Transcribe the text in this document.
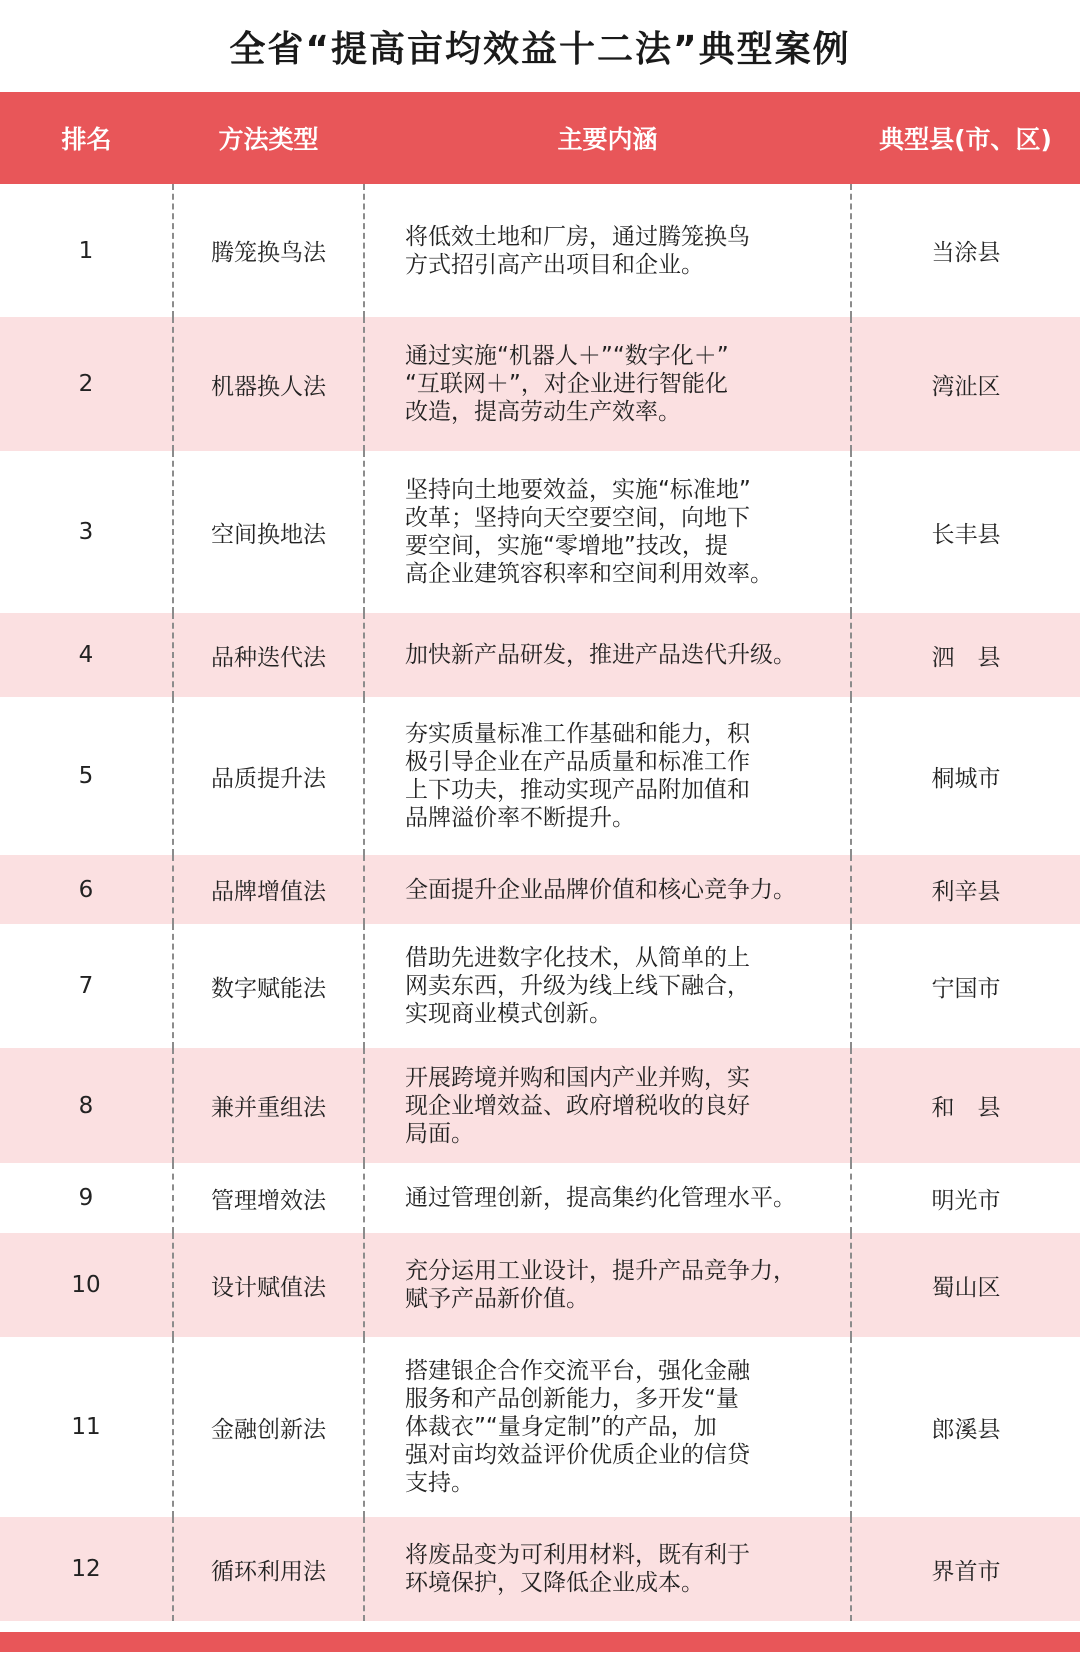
全省“提高亩均效益十二法”典型案例
排名	方法类型	主要内涵	典型县(市、区)
1	腾笼换鸟法	将低效土地和厂房，通过腾笼换鸟
方式招引高产出项目和企业。	当涂县
2	机器换人法	通过实施“机器人＋”“数字化＋”
“互联网＋”，对企业进行智能化
改造，提高劳动生产效率。	湾沚区
3	空间换地法	坚持向土地要效益，实施“标准地”
改革；坚持向天空要空间，向地下
要空间，实施“零增地”技改，提
高企业建筑容积率和空间利用效率。	长丰县
4	品种迭代法	加快新产品研发，推进产品迭代升级。	泗　县
5	品质提升法	夯实质量标准工作基础和能力，积
极引导企业在产品质量和标准工作
上下功夫，推动实现产品附加值和
品牌溢价率不断提升。	桐城市
6	品牌增值法	全面提升企业品牌价值和核心竞争力。	利辛县
7	数字赋能法	借助先进数字化技术，从简单的上
网卖东西，升级为线上线下融合，
实现商业模式创新。	宁国市
8	兼并重组法	开展跨境并购和国内产业并购，实
现企业增效益、政府增税收的良好
局面。	和　县
9	管理增效法	通过管理创新，提高集约化管理水平。	明光市
10	设计赋值法	充分运用工业设计，提升产品竞争力，
赋予产品新价值。	蜀山区
11	金融创新法	搭建银企合作交流平台，强化金融
服务和产品创新能力，多开发“量
体裁衣”“量身定制”的产品，加
强对亩均效益评价优质企业的信贷
支持。	郎溪县
12	循环利用法	将废品变为可利用材料，既有利于
环境保护，又降低企业成本。	界首市
